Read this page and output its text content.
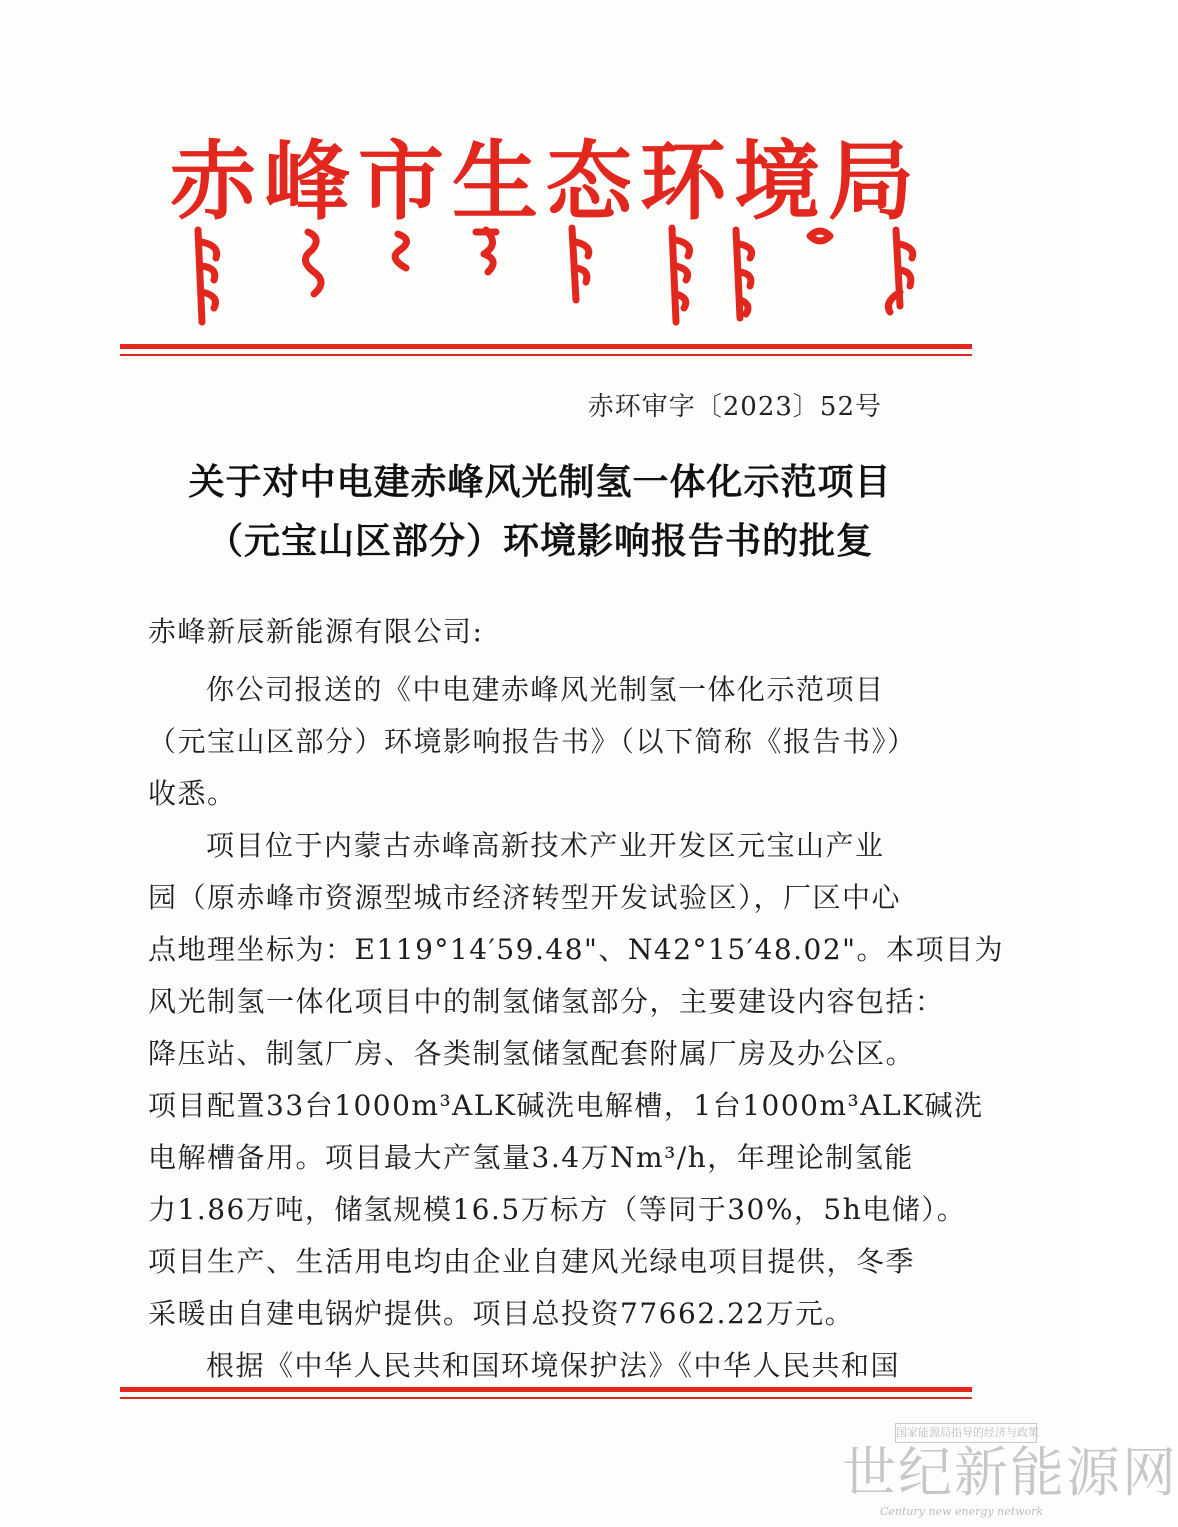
赤峰市生态环境局
赤环审字〔2023〕52号
关于对中电建赤峰风光制氢一体化示范项目
（元宝山区部分）环境影响报告书的批复
赤峰新辰新能源有限公司:
你公司报送的《中电建赤峰风光制氢一体化示范项目
（元宝山区部分）环境影响报告书》（以下简称《报告书》）
收悉。
项目位于内蒙古赤峰高新技术产业开发区元宝山产业
园（原赤峰市资源型城市经济转型开发试验区），厂区中心
点地理坐标为：E119°14′59.48"、N42°15′48.02"。本项目为
风光制氢一体化项目中的制氢储氢部分，主要建设内容包括：
降压站、制氢厂房、各类制氢储氢配套附属厂房及办公区。
项目配置33台1000m³ALK碱洗电解槽，1台1000m³ALK碱洗
电解槽备用。项目最大产氢量3.4万Nm³/h，年理论制氢能
力1.86万吨，储氢规模16.5万标方（等同于30%，5h电储）。
项目生产、生活用电均由企业自建风光绿电项目提供，冬季
采暖由自建电锅炉提供。项目总投资77662.22万元。
根据《中华人民共和国环境保护法》《中华人民共和国
国家能源局指导的经济与政策
世纪新能源网
Century new energy network
